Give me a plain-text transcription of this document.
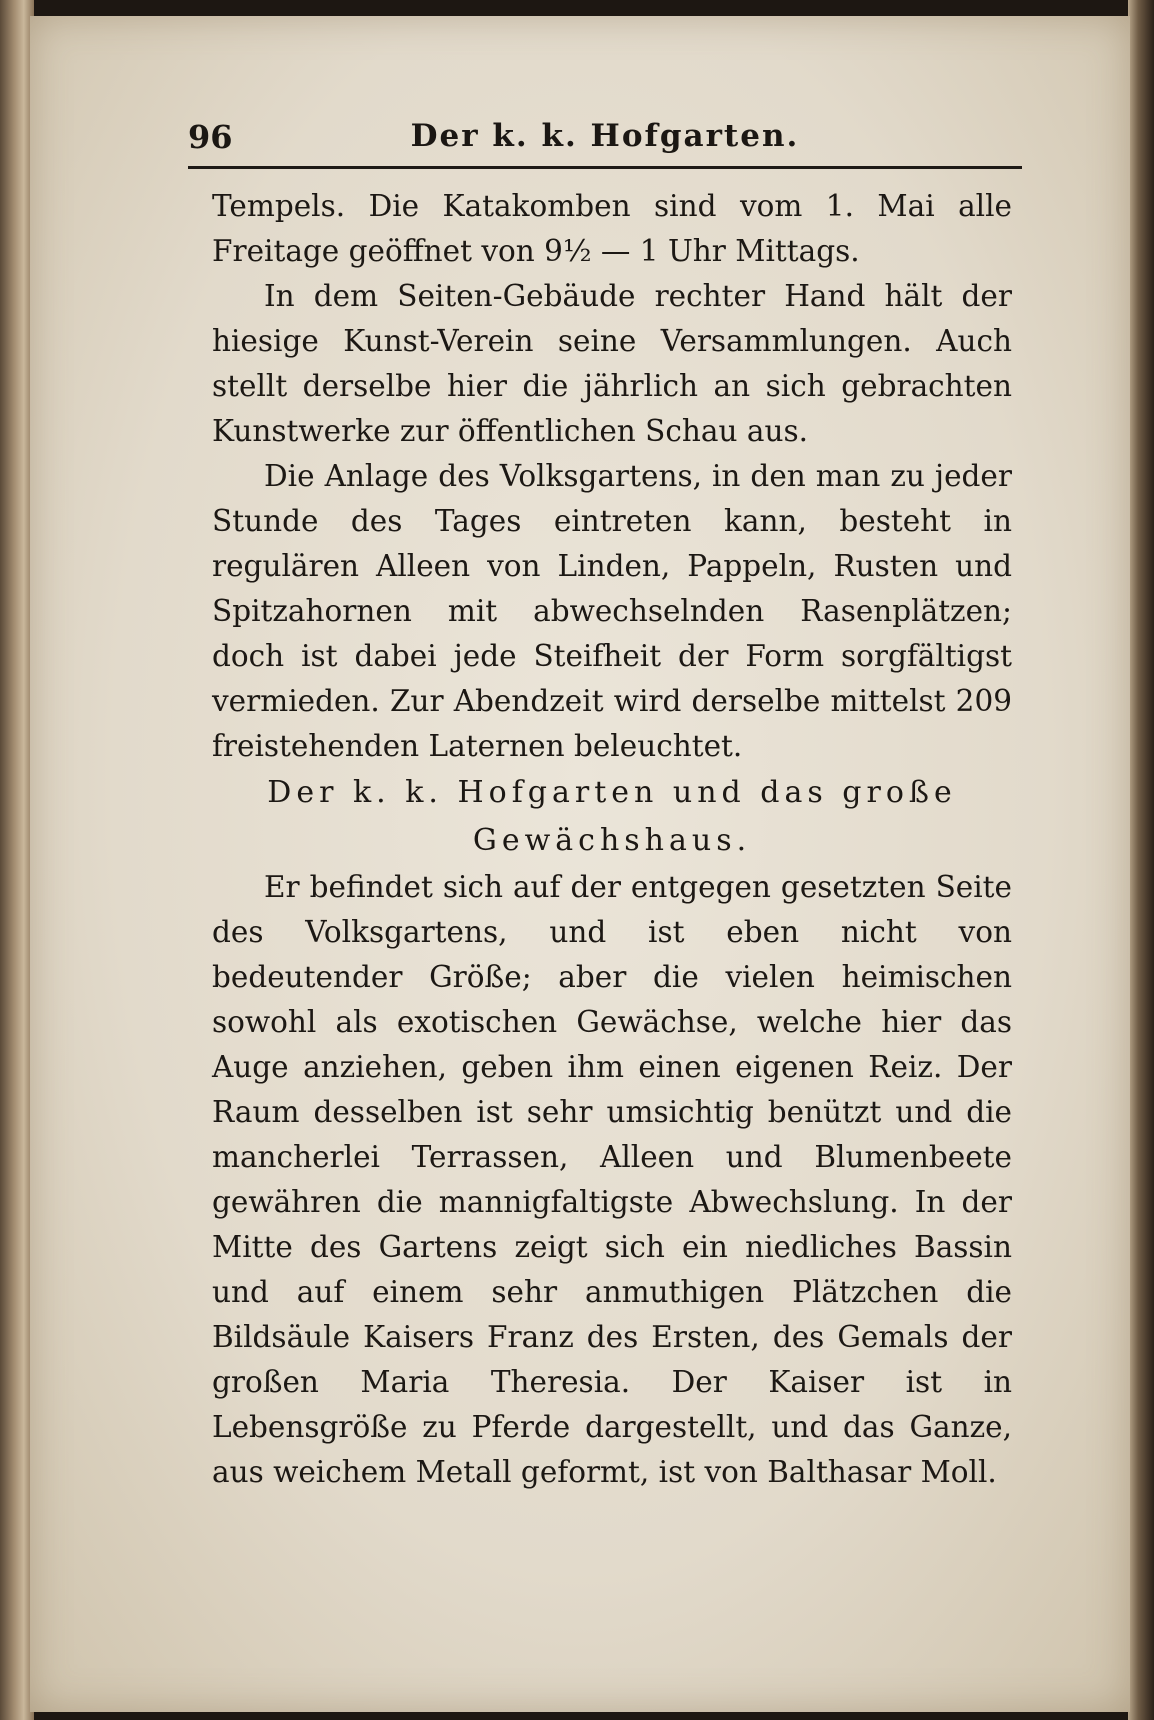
96	Der k. k. Hofgarten.

Tempels. Die Katakomben sind vom 1. Mai alle Freitage geöffnet von 9½ — 1 Uhr Mittags.

In dem Seiten-Gebäude rechter Hand hält der hiesige Kunst-Verein seine Versammlungen. Auch stellt derselbe hier die jährlich an sich gebrachten Kunstwerke zur öffentlichen Schau aus.

Die Anlage des Volksgartens, in den man zu jeder Stunde des Tages eintreten kann, besteht in regulären Alleen von Linden, Pappeln, Rusten und Spitzahornen mit abwechselnden Rasenplätzen; doch ist dabei jede Steifheit der Form sorgfältigst vermieden. Zur Abendzeit wird derselbe mittelst 209 freistehenden Laternen beleuchtet.

Der k. k. Hofgarten und das große Gewächshaus.

Er befindet sich auf der entgegen gesetzten Seite des Volksgartens, und ist eben nicht von bedeutender Größe; aber die vielen heimischen sowohl als exotischen Gewächse, welche hier das Auge anziehen, geben ihm einen eigenen Reiz. Der Raum desselben ist sehr umsichtig benützt und die mancherlei Terrassen, Alleen und Blumenbeete gewähren die mannigfaltigste Abwechslung. In der Mitte des Gartens zeigt sich ein niedliches Bassin und auf einem sehr anmuthigen Plätzchen die Bildsäule Kaisers Franz des Ersten, des Gemals der großen Maria Theresia. Der Kaiser ist in Lebensgröße zu Pferde dargestellt, und das Ganze, aus weichem Metall geformt, ist von Balthasar Moll.
